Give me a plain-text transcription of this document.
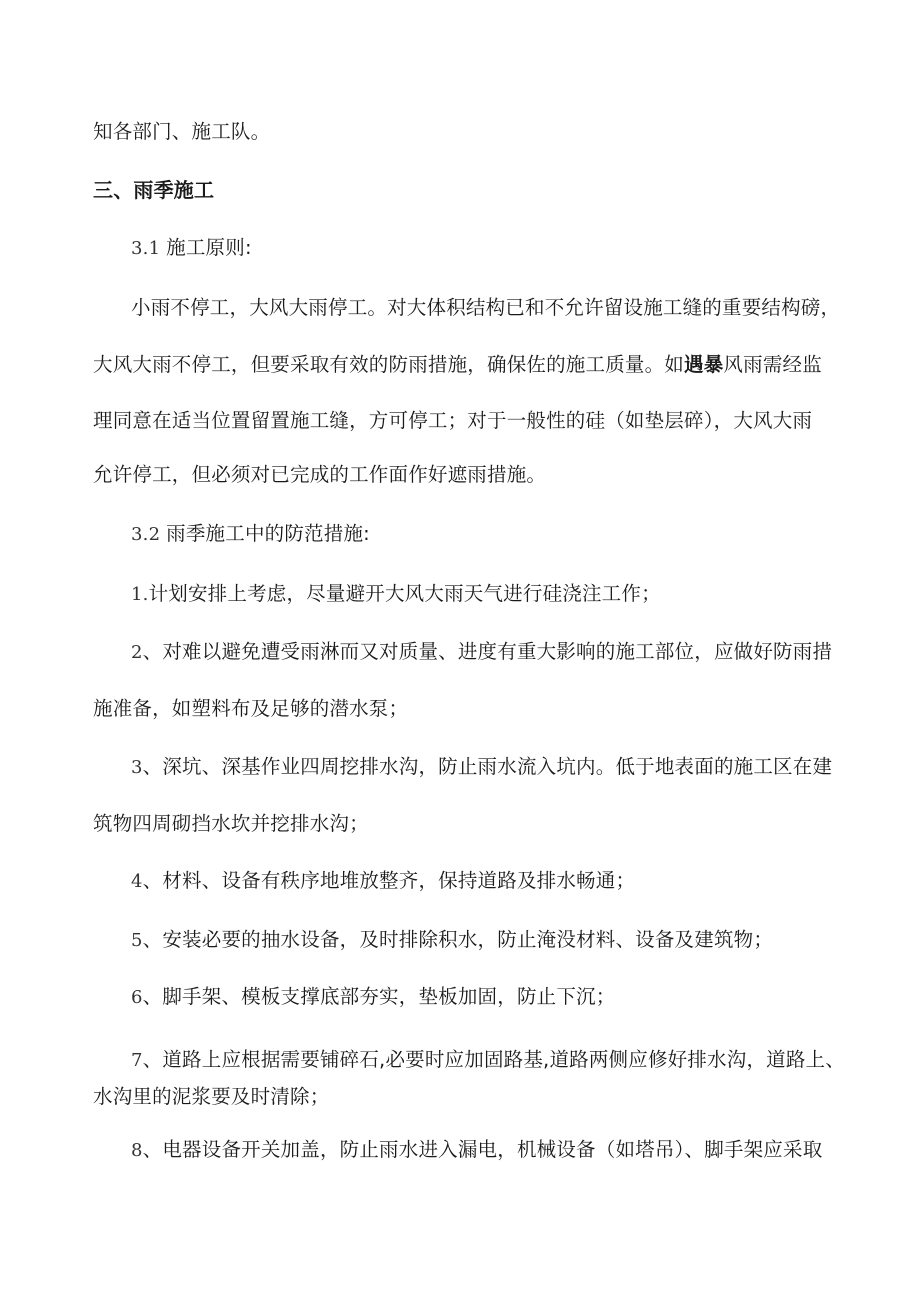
知各部门、施工队。
三、雨季施工
3.1 施工原则:
小雨不停工，大风大雨停工。对大体积结构已和不允许留设施工缝的重要结构磅，
大风大雨不停工，但要采取有效的防雨措施，确保佐的施工质量。如遇暴风雨需经监
理同意在适当位置留置施工缝，方可停工；对于一般性的硅（如垫层碎），大风大雨
允许停工，但必须对已完成的工作面作好遮雨措施。
3.2 雨季施工中的防范措施:
1.计划安排上考虑，尽量避开大风大雨天气进行硅浇注工作；
2、对难以避免遭受雨淋而又对质量、进度有重大影响的施工部位，应做好防雨措
施准备，如塑料布及足够的潜水泵；
3、深坑、深基作业四周挖排水沟，防止雨水流入坑内。低于地表面的施工区在建
筑物四周砌挡水坎并挖排水沟；
4、材料、设备有秩序地堆放整齐，保持道路及排水畅通；
5、安装必要的抽水设备，及时排除积水，防止淹没材料、设备及建筑物；
6、脚手架、模板支撑底部夯实，垫板加固，防止下沉；
7、道路上应根据需要铺碎石,必要时应加固路基,道路两侧应修好排水沟，道路上、
水沟里的泥浆要及时清除；
8、电器设备开关加盖，防止雨水进入漏电，机械设备（如塔吊）、脚手架应采取
